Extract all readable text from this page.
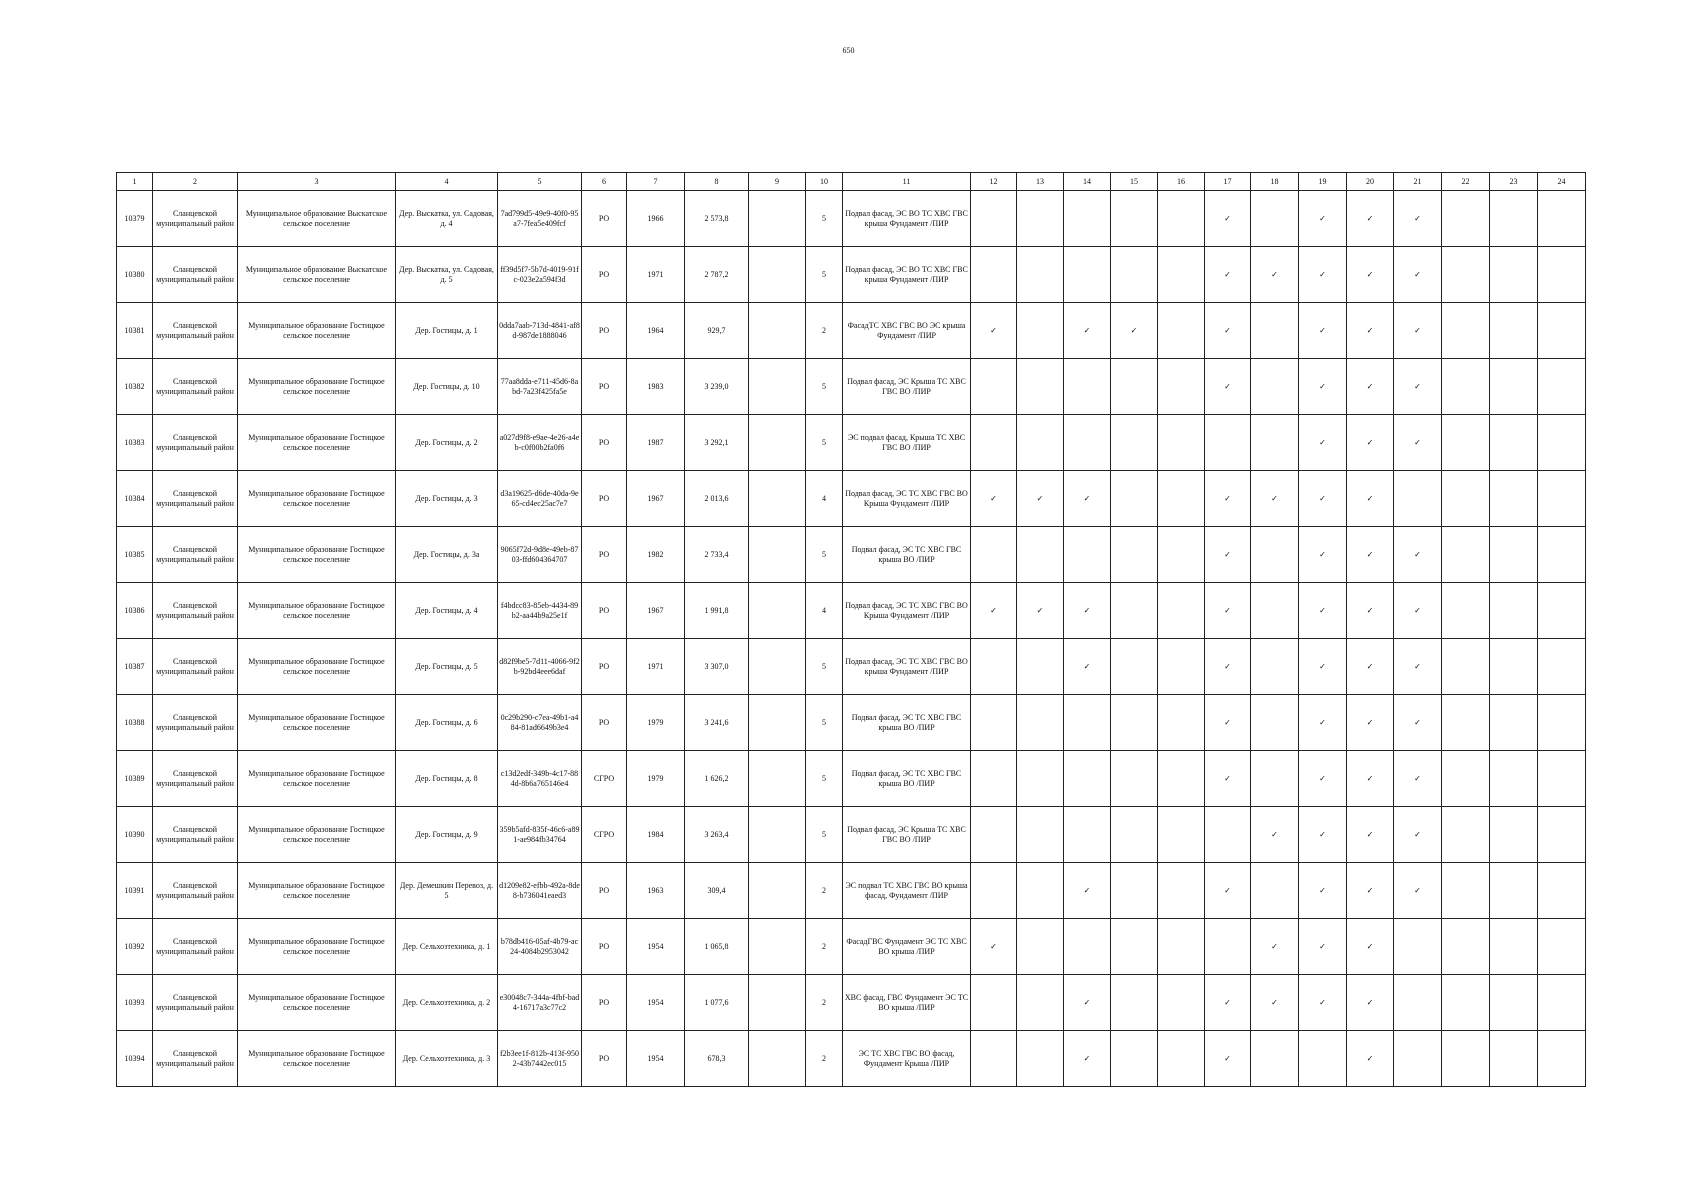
650
1	2	3	4	5	6	7	8	9	10	11	12	13	14	15	16	17	18	19	20	21	22	23	24
10379	Сланцевской муниципальный район	Муниципальное образование Выскатское сельское поселение	Дер. Выскатка, ул. Садовая, д. 4	7ad799d5-49e9-40f0-95a7-7fea5e409fcf	РО	1966	2 573,8		5	Подвал фасад, ЭС ВО ТС ХВС ГВС крыша Фундамент /ПИР						✓		✓	✓	✓			
10380	Сланцевской муниципальный район	Муниципальное образование Выскатское сельское поселение	Дер. Выскатка, ул. Садовая, д. 5	ff39d5f7-5b7d-4019-91fc-023e2a594f3d	РО	1971	2 787,2		5	Подвал фасад, ЭС ВО ТС ХВС ГВС крыша Фундамент /ПИР						✓	✓	✓	✓	✓			
10381	Сланцевской муниципальный район	Муниципальное образование Гостицкое сельское поселение	Дер. Гостицы, д. 1	0dda7aab-713d-4841-af8d-987de1888046	РО	1964	929,7		2	ФасадТС ХВС ГВС ВО ЭС крыша Фундамент /ПИР	✓		✓	✓		✓		✓	✓	✓			
10382	Сланцевской муниципальный район	Муниципальное образование Гостицкое сельское поселение	Дер. Гостицы, д. 10	77aa8dda-e711-45d6-8abd-7a23f425fa5e	РО	1983	3 239,0		5	Подвал фасад, ЭС Крыша ТС ХВС ГВС ВО /ПИР						✓		✓	✓	✓			
10383	Сланцевской муниципальный район	Муниципальное образование Гостицкое сельское поселение	Дер. Гостицы, д. 2	a027d9f8-e9ae-4e26-a4eb-c0f00b2fa0f6	РО	1987	3 292,1		5	ЭС подвал фасад, Крыша ТС ХВС ГВС ВО /ПИР								✓	✓	✓			
10384	Сланцевской муниципальный район	Муниципальное образование Гостицкое сельское поселение	Дер. Гостицы, д. 3	d3a19625-d6de-40da-9e65-cd4ec25ac7e7	РО	1967	2 013,6		4	Подвал фасад, ЭС ТС ХВС ГВС ВО Крыша Фундамент /ПИР	✓	✓	✓			✓	✓	✓	✓				
10385	Сланцевской муниципальный район	Муниципальное образование Гостицкое сельское поселение	Дер. Гостицы, д. 3а	9065f72d-9d8e-49eb-8703-ffd604364707	РО	1982	2 733,4		5	Подвал фасад, ЭС ТС ХВС ГВС крыша ВО /ПИР						✓		✓	✓	✓			
10386	Сланцевской муниципальный район	Муниципальное образование Гостицкое сельское поселение	Дер. Гостицы, д. 4	f4bdcc83-85eb-4434-89b2-aa44b9a25e1f	РО	1967	1 991,8		4	Подвал фасад, ЭС ТС ХВС ГВС ВО Крыша Фундамент /ПИР	✓	✓	✓			✓		✓	✓	✓			
10387	Сланцевской муниципальный район	Муниципальное образование Гостицкое сельское поселение	Дер. Гостицы, д. 5	d82f9be5-7d11-4066-9f2b-92bd4eee6daf	РО	1971	3 307,0		5	Подвал фасад, ЭС ТС ХВС ГВС ВО крыша Фундамент /ПИР			✓			✓		✓	✓	✓			
10388	Сланцевской муниципальный район	Муниципальное образование Гостицкое сельское поселение	Дер. Гостицы, д. 6	0c29b290-c7ea-49b1-a484-81ad6649b3e4	РО	1979	3 241,6		5	Подвал фасад, ЭС ТС ХВС ГВС крыша ВО /ПИР						✓		✓	✓	✓			
10389	Сланцевской муниципальный район	Муниципальное образование Гостицкое сельское поселение	Дер. Гостицы, д. 8	c13d2edf-349b-4c17-884d-8b6a765146e4	СГРО	1979	1 626,2		5	Подвал фасад, ЭС ТС ХВС ГВС крыша ВО /ПИР						✓		✓	✓	✓			
10390	Сланцевской муниципальный район	Муниципальное образование Гостицкое сельское поселение	Дер. Гостицы, д. 9	359b5afd-835f-46c6-a891-ae984fb34764	СГРО	1984	3 263,4		5	Подвал фасад, ЭС Крыша ТС ХВС ГВС ВО /ПИР							✓	✓	✓	✓			
10391	Сланцевской муниципальный район	Муниципальное образование Гостицкое сельское поселение	Дер. Демешкин Перевоз, д. 5	d1209e82-efbb-492a-8de8-b736041eaed3	РО	1963	309,4		2	ЭС подвал ТС ХВС ГВС ВО крыша фасад, Фундамент /ПИР			✓			✓		✓	✓	✓			
10392	Сланцевской муниципальный район	Муниципальное образование Гостицкое сельское поселение	Дер. Сельхозтехника, д. 1	b78db416-05af-4b79-ac24-4084b2953042	РО	1954	1 065,8		2	ФасадГВС Фундамент ЭС ТС ХВС ВО крыша /ПИР	✓						✓	✓	✓				
10393	Сланцевской муниципальный район	Муниципальное образование Гостицкое сельское поселение	Дер. Сельхозтехника, д. 2	e30048c7-344a-4fbf-bad4-16717a3c77c2	РО	1954	1 077,6		2	ХВС фасад, ГВС Фундамент ЭС ТС ВО крыша /ПИР			✓			✓	✓	✓	✓				
10394	Сланцевской муниципальный район	Муниципальное образование Гостицкое сельское поселение	Дер. Сельхозтехника, д. 3	f2b3ee1f-812b-413f-9502-43b7442ec015	РО	1954	678,3		2	ЭС ТС ХВС ГВС ВО фасад, Фундамент Крыша /ПИР			✓			✓			✓				
